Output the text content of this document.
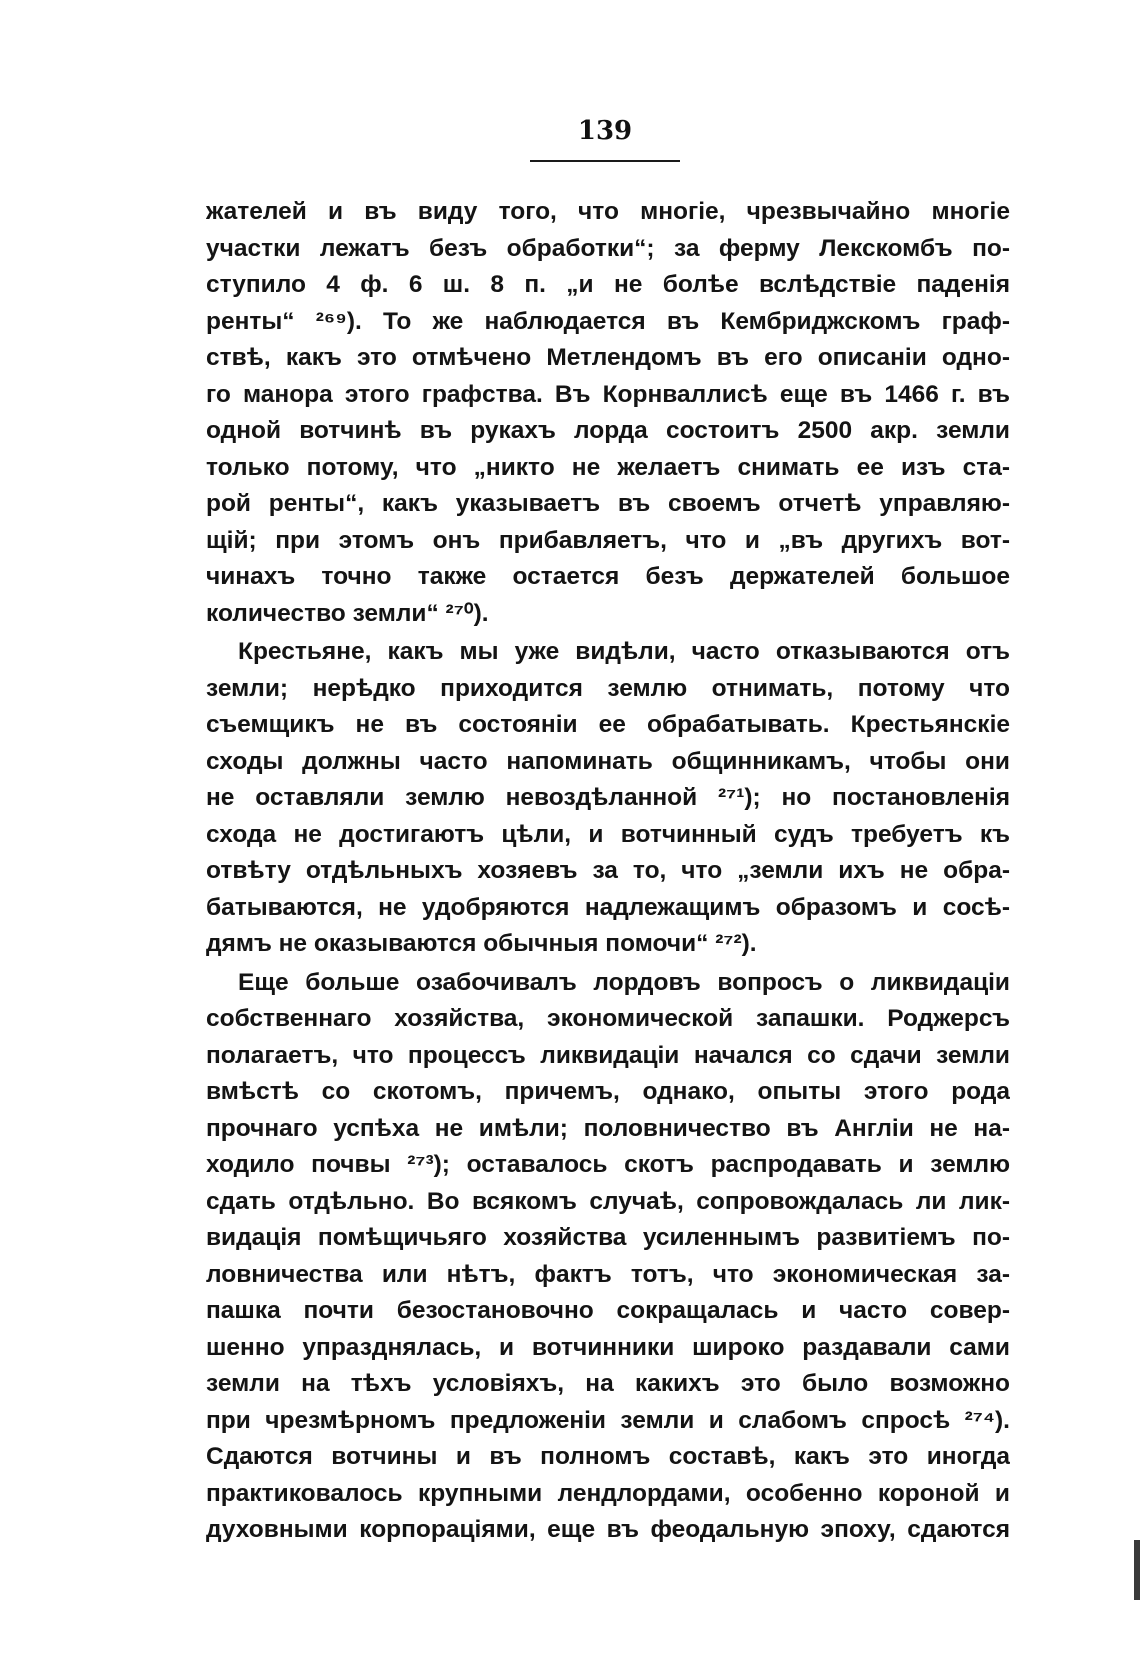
139
жателей и въ виду того, что многіе, чрезвычайно многіе
участки лежатъ безъ обработки“; за ферму Лекскомбъ по-
ступило 4 ф. 6 ш. 8 п. „и не болѣе вслѣдствіе паденія
ренты“ ²⁶⁹). То же наблюдается въ Кембриджскомъ граф-
ствѣ, какъ это отмѣчено Метлендомъ въ его описаніи одно-
го манора этого графства. Въ Корнваллисѣ еще въ 1466 г. въ
одной вотчинѣ въ рукахъ лорда состоитъ 2500 акр. земли
только потому, что „никто не желаетъ снимать ее изъ ста-
рой ренты“, какъ указываетъ въ своемъ отчетѣ управляю-
щій; при этомъ онъ прибавляетъ, что и „въ другихъ вот-
чинахъ точно также остается безъ держателей большое
количество земли“ ²⁷⁰).
Крестьяне, какъ мы уже видѣли, часто отказываются отъ
земли; нерѣдко приходится землю отнимать, потому что
съемщикъ не въ состояніи ее обрабатывать. Крестьянскіе
сходы должны часто напоминать общинникамъ, чтобы они
не оставляли землю невоздѣланной ²⁷¹); но постановленія
схода не достигаютъ цѣли, и вотчинный судъ требуетъ къ
отвѣту отдѣльныхъ хозяевъ за то, что „земли ихъ не обра-
батываются, не удобряются надлежащимъ образомъ и сосѣ-
дямъ не оказываются обычныя помочи“ ²⁷²).
Еще больше озабочивалъ лордовъ вопросъ о ликвидаціи
собственнаго хозяйства, экономической запашки. Роджерсъ
полагаетъ, что процессъ ликвидаціи начался со сдачи земли
вмѣстѣ со скотомъ, причемъ, однако, опыты этого рода
прочнаго успѣха не имѣли; половничество въ Англіи не на-
ходило почвы ²⁷³); оставалось скотъ распродавать и землю
сдать отдѣльно. Во всякомъ случаѣ, сопровождалась ли лик-
видація помѣщичьяго хозяйства усиленнымъ развитіемъ по-
ловничества или нѣтъ, фактъ тотъ, что экономическая за-
пашка почти безостановочно сокращалась и часто совер-
шенно упразднялась, и вотчинники широко раздавали сами
земли на тѣхъ условіяхъ, на какихъ это было возможно
при чрезмѣрномъ предложеніи земли и слабомъ спросѣ ²⁷⁴).
Сдаются вотчины и въ полномъ составѣ, какъ это иногда
практиковалось крупными лендлордами, особенно короной и
духовными корпораціями, еще въ феодальную эпоху, сдаются
